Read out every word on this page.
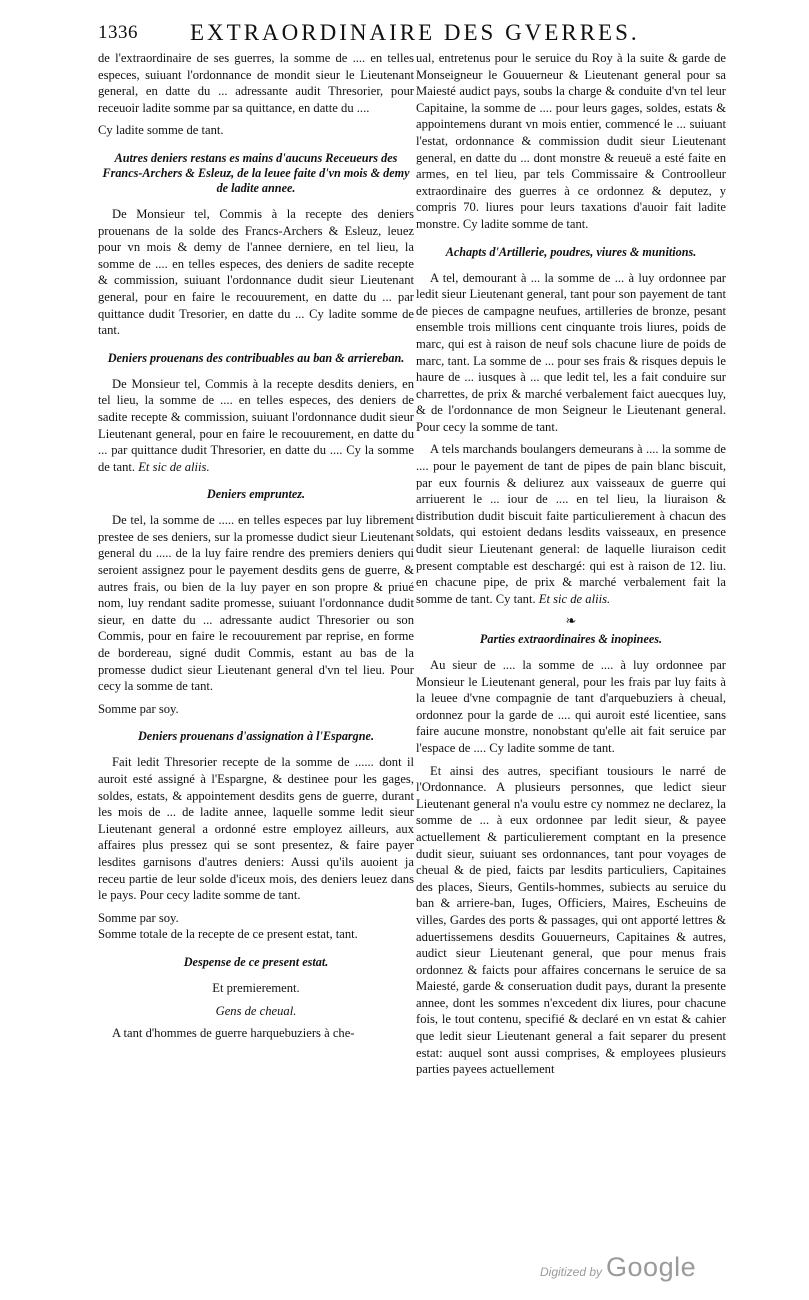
1336 EXTRAORDINAIRE DES GVERRES.

de l'extraordinaire de ses guerres, la somme de .... en telles especes, suiuant l'ordonnance de mondit sieur le Lieutenant general, en datte du ... adressante audit Thresorier, pour receuoir ladite somme par sa quittance, en datte du ....

Cy ladite somme de tant.

Autres deniers restans es mains d'aucuns Receueurs des Francs-Archers & Esleuz, de la leuee faite d'vn mois & demy de ladite annee.

De Monsieur tel, Commis à la recepte des deniers prouenans de la solde des Francs-Archers & Esleuz, leuez pour vn mois & demy de l'annee derniere, en tel lieu, la somme de .... en telles especes, des deniers de sadite recepte & commission, suiuant l'ordonnance dudit sieur Lieutenant general, pour en faire le recouurement, en datte du ... par quittance dudit Tresorier, en datte du ... Cy ladite somme de tant.

Deniers prouenans des contribuables au ban & arriereban.

De Monsieur tel, Commis à la recepte desdits deniers, en tel lieu, la somme de .... en telles especes, des deniers de sadite recepte & commission, suiuant l'ordonnance dudit sieur Lieutenant general, pour en faire le recouurement, en datte du ... par quittance dudit Thresorier, en datte du .... Cy la somme de tant. Et sic de aliis.

Deniers empruntez.

De tel, la somme de ..... en telles especes par luy librement prestee de ses deniers, sur la promesse dudict sieur Lieutenant general du ..... de la luy faire rendre des premiers deniers qui seroient assignez pour le payement desdits gens de guerre, & autres frais, ou bien de la luy payer en son propre & priué nom, luy rendant sadite promesse, suiuant l'ordonnance dudit sieur, en datte du ... adressante audict Thresorier ou son Commis, pour en faire le recouurement par reprise, en forme de bordereau, signé dudit Commis, estant au bas de la promesse dudict sieur Lieutenant general d'vn tel lieu. Pour cecy la somme de tant.

Somme par soy.

Deniers prouenans d'assignation à l'Espargne.

Fait ledit Thresorier recepte de la somme de ...... dont il auroit esté assigné à l'Espargne, & destinee pour les gages, soldes, estats, & appointement desdits gens de guerre, durant les mois de ... de ladite annee, laquelle somme ledit sieur Lieutenant general a ordonné estre employez ailleurs, aux affaires plus pressez qui se sont presentez, & faire payer lesdites garnisons d'autres deniers: Aussi qu'ils auoient ja receu partie de leur solde d'iceux mois, des deniers leuez dans le pays. Pour cecy ladite somme de tant.

Somme par soy.

Somme totale de la recepte de ce present estat, tant.

Despense de ce present estat.
Et premierement.
Gens de cheual.

A tant d'hommes de guerre harquebuziers à che-

ual, entretenus pour le seruice du Roy à la suite & garde de Monseigneur le Gouuerneur & Lieutenant general pour sa Maiesté audict pays, soubs la charge & conduite d'vn tel leur Capitaine, la somme de .... pour leurs gages, soldes, estats & appointemens durant vn mois entier, commencé le ... suiuant l'estat, ordonnance & commission dudit sieur Lieutenant general, en datte du ... dont monstre & reueuë a esté faite en armes, en tel lieu, par tels Commissaire & Controolleur extraordinaire des guerres à ce ordonnez & deputez, y compris 70. liures pour leurs taxations d'auoir fait ladite monstre. Cy ladite somme de tant.

Achapts d'Artillerie, poudres, viures & munitions.

A tel, demourant à ... la somme de ... à luy ordonnee par ledit sieur Lieutenant general, tant pour son payement de tant de pieces de campagne neufues, artilleries de bronze, pesant ensemble trois millions cent cinquante trois liures, poids de marc, qui est à raison de neuf sols chacune liure de poids de marc, tant. La somme de ... pour ses frais & risques depuis le haure de ... iusques à ... que ledit tel, les a fait conduire sur charrettes, de prix & marché verbalement faict auecques luy, & de l'ordonnance de mon Seigneur le Lieutenant general. Pour cecy la somme de tant.

A tels marchands boulangers demeurans à .... la somme de .... pour le payement de tant de pipes de pain blanc biscuit, par eux fournis & deliurez aux vaisseaux de guerre qui arriuerent le ... iour de .... en tel lieu, la liuraison & distribution dudit biscuit faite particulierement à chacun des soldats, qui estoient dedans lesdits vaisseaux, en presence dudit sieur Lieutenant general: de laquelle liuraison cedit present comptable est deschargé: qui est à raison de 12. liu. en chacune pipe, de prix & marché verbalement fait la somme de tant. Cy tant. Et sic de aliis.

❧
Parties extraordinaires & inopinees.

Au sieur de .... la somme de .... à luy ordonnee par Monsieur le Lieutenant general, pour les frais par luy faits à la leuee d'vne compagnie de tant d'arquebuziers à cheual, ordonnez pour la garde de .... qui auroit esté licentiee, sans faire aucune monstre, nonobstant qu'elle ait fait seruice par l'espace de .... Cy ladite somme de tant.

Et ainsi des autres, specifiant tousiours le narré de l'Ordonnance. A plusieurs personnes, que ledict sieur Lieutenant general n'a voulu estre cy nommez ne declarez, la somme de ... à eux ordonnee par ledit sieur, & payee actuellement & particulierement comptant en la presence dudit sieur, suiuant ses ordonnances, tant pour voyages de cheual & de pied, faicts par lesdits particuliers, Capitaines des places, Sieurs, Gentils-hommes, subiects au seruice du ban & arriere-ban, Iuges, Officiers, Maires, Escheuins de villes, Gardes des ports & passages, qui ont apporté lettres & aduertissemens desdits Gouuerneurs, Capitaines & autres, audict sieur Lieutenant general, que pour menus frais ordonnez & faicts pour affaires concernans le seruice de sa Maiesté, garde & conseruation dudit pays, durant la presente annee, dont les sommes n'excedent dix liures, pour chacune fois, le tout contenu, specifié & declaré en vn estat & cahier que ledit sieur Lieutenant general a fait separer du present estat: auquel sont aussi comprises, & employees plusieurs parties payees actuellement

Digitized by Google
